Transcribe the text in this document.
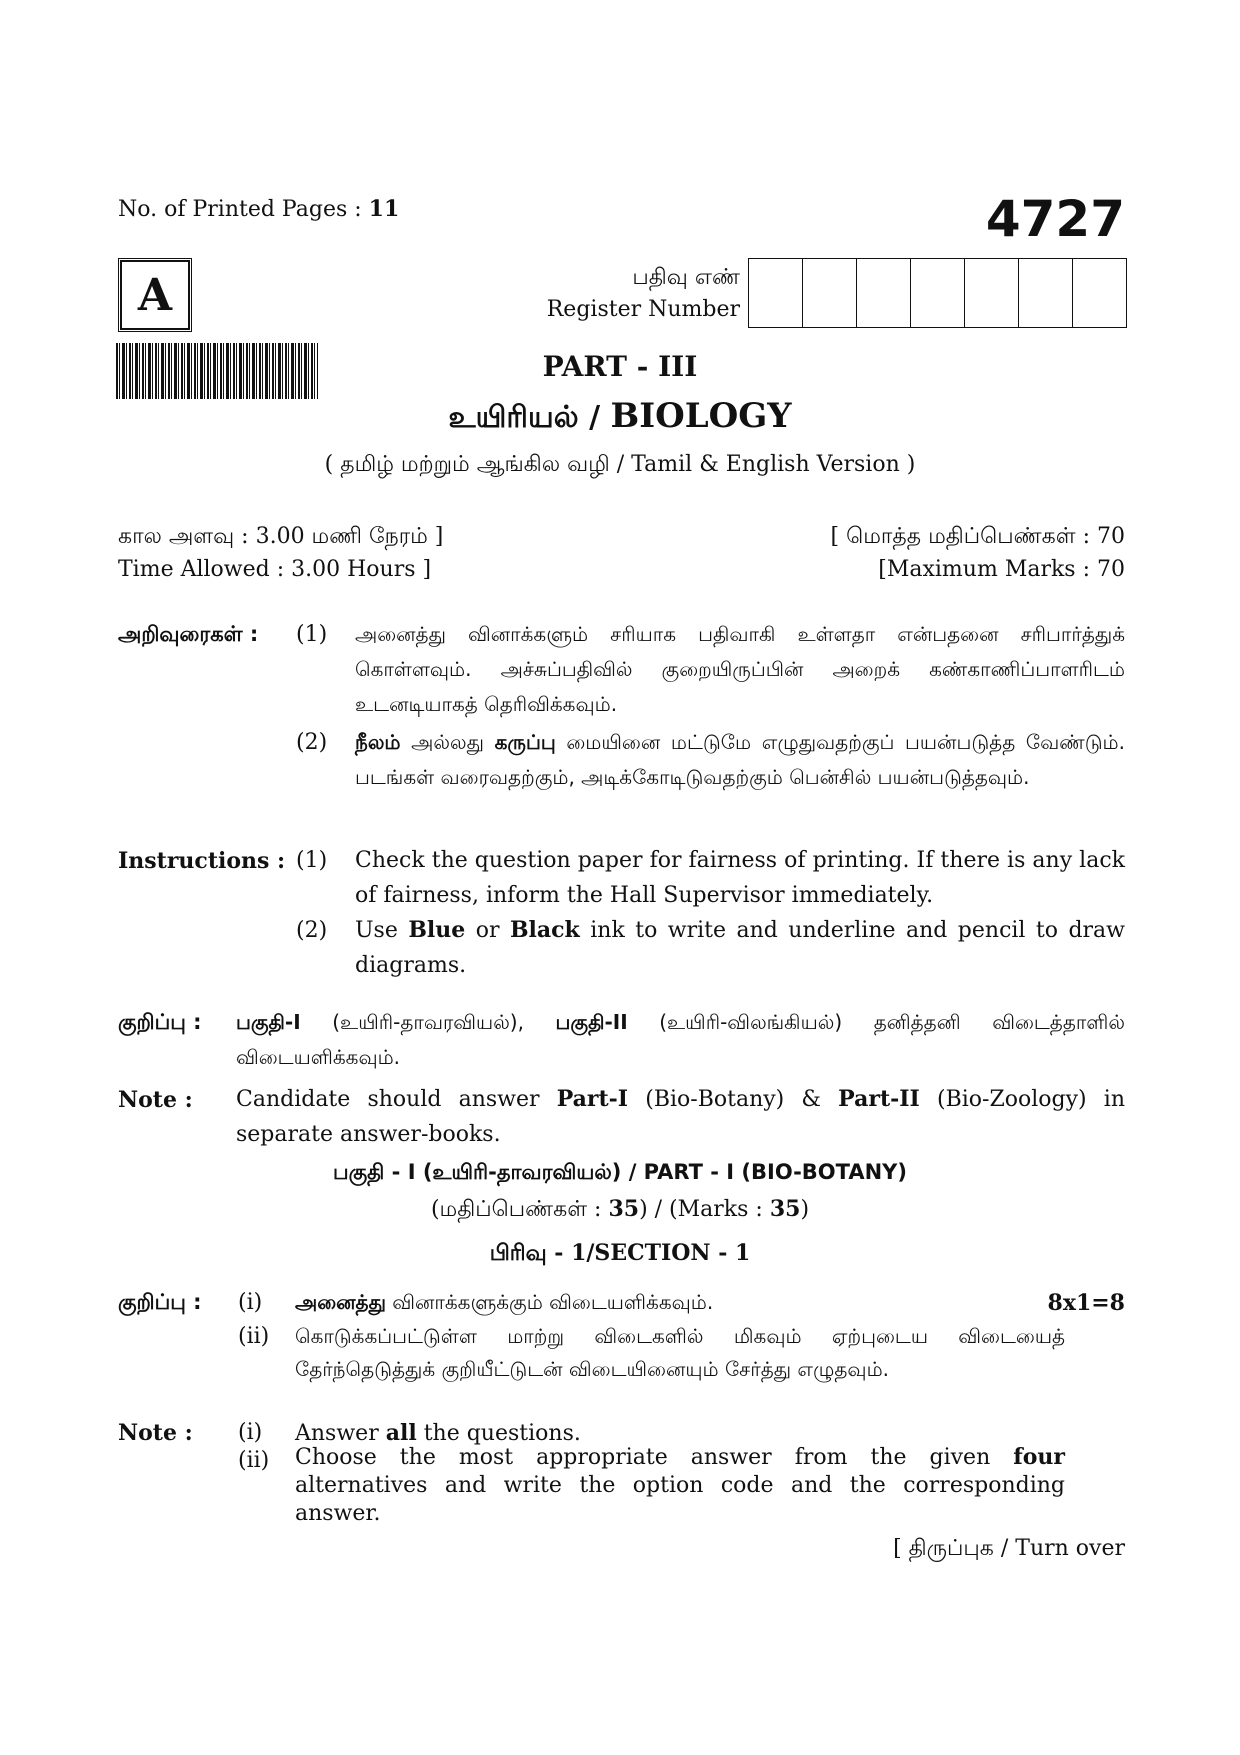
No. of Printed Pages : 11	4727
A	பதிவு எண்
Register Number
PART - III
உயிரியல் / BIOLOGY
( தமிழ் மற்றும் ஆங்கில வழி / Tamil & English Version )
கால அளவு : 3.00 மணி நேரம் ]
Time Allowed : 3.00 Hours ]
[ மொத்த மதிப்பெண்கள் : 70
[Maximum Marks : 70
அறிவுரைகள் : (1) அனைத்து வினாக்களும் சரியாக பதிவாகி உள்ளதா என்பதனை சரிபார்த்துக் கொள்ளவும். அச்சுப்பதிவில் குறையிருப்பின் அறைக் கண்காணிப்பாளரிடம் உடனடியாகத் தெரிவிக்கவும்.
(2) நீலம் அல்லது கருப்பு மையினை மட்டுமே எழுதுவதற்குப் பயன்படுத்த வேண்டும். படங்கள் வரைவதற்கும், அடிக்கோடிடுவதற்கும் பென்சில் பயன்படுத்தவும்.
Instructions : (1) Check the question paper for fairness of printing. If there is any lack of fairness, inform the Hall Supervisor immediately.
(2) Use Blue or Black ink to write and underline and pencil to draw diagrams.
குறிப்பு : பகுதி-I (உயிரி-தாவரவியல்), பகுதி-II (உயிரி-விலங்கியல்) தனித்தனி விடைத்தாளில் விடையளிக்கவும்.
Note : Candidate should answer Part-I (Bio-Botany) & Part-II (Bio-Zoology) in separate answer-books.
பகுதி - I (உயிரி-தாவரவியல்) / PART - I (BIO-BOTANY)
(மதிப்பெண்கள் : 35) / (Marks : 35)
பிரிவு - 1/SECTION - 1
குறிப்பு : (i) அனைத்து வினாக்களுக்கும் விடையளிக்கவும்.	8x1=8
(ii) கொடுக்கப்பட்டுள்ள மாற்று விடைகளில் மிகவும் ஏற்புடைய விடையைத் தேர்ந்தெடுத்துக் குறியீட்டுடன் விடையினையும் சேர்த்து எழுதவும்.
Note : (i) Answer all the questions.
(ii) Choose the most appropriate answer from the given four alternatives and write the option code and the corresponding answer.
[ திருப்புக / Turn over
